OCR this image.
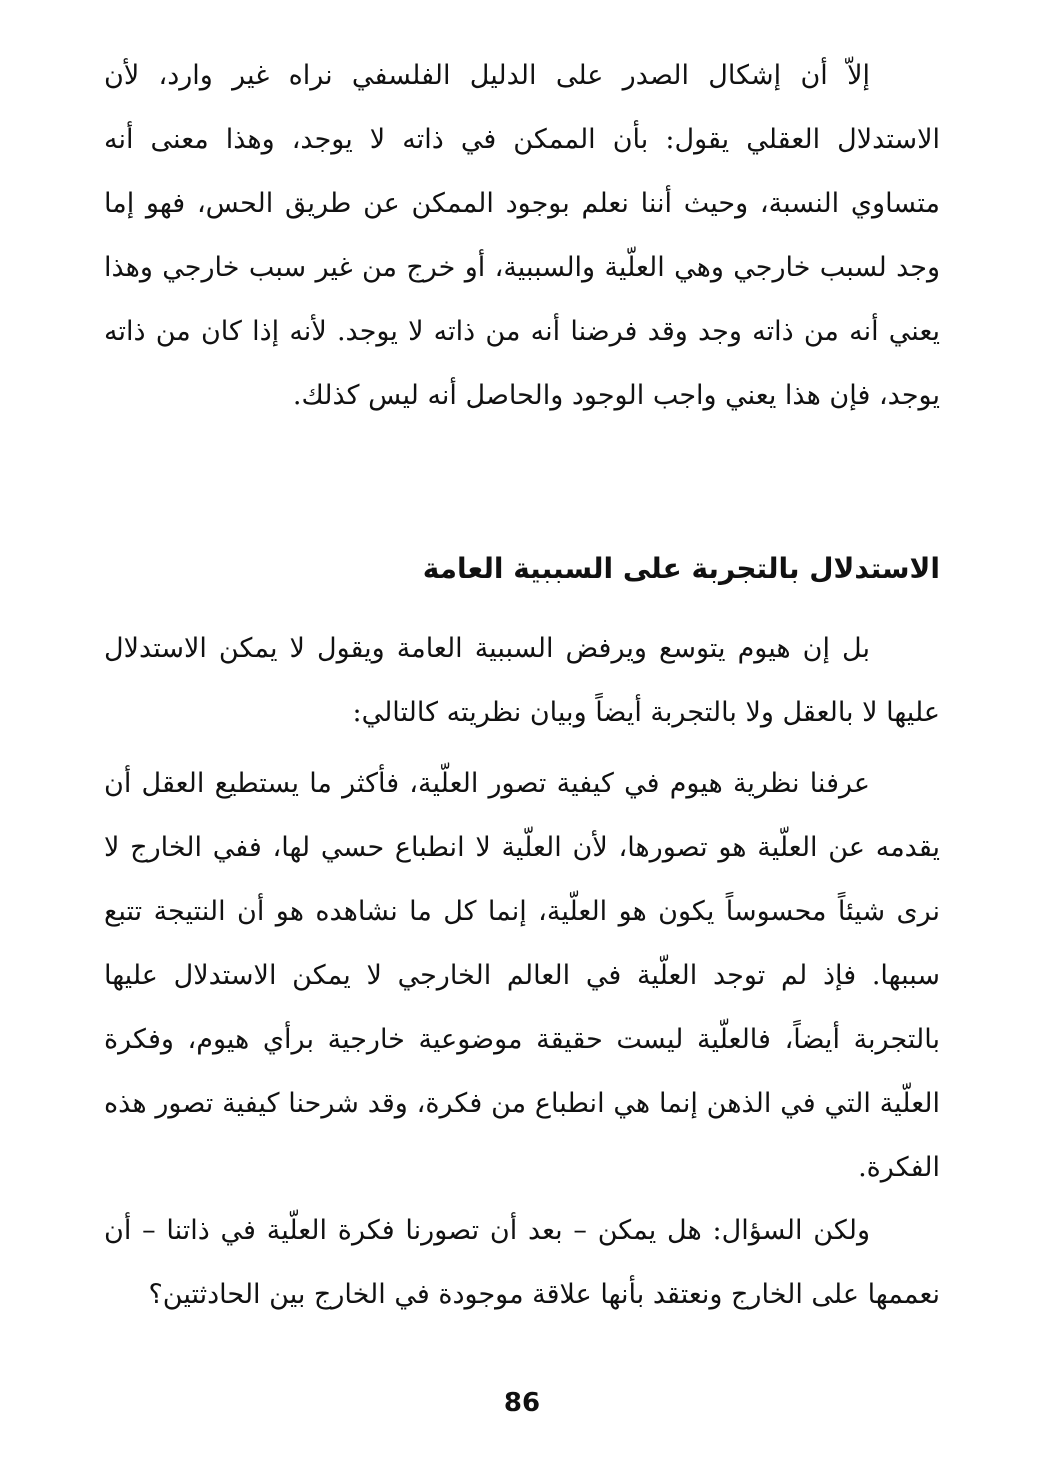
إلاّ أن إشكال الصدر على الدليل الفلسفي نراه غير وارد، لأن الاستدلال العقلي يقول: بأن الممكن في ذاته لا يوجد، وهذا معنى أنه متساوي النسبة، وحيث أننا نعلم بوجود الممكن عن طريق الحس، فهو إما وجد لسبب خارجي وهي العلّية والسببية، أو خرج من غير سبب خارجي وهذا يعني أنه من ذاته وجد وقد فرضنا أنه من ذاته لا يوجد. لأنه إذا كان من ذاته يوجد، فإن هذا يعني واجب الوجود والحاصل أنه ليس كذلك.

الاستدلال بالتجربة على السببية العامة

بل إن هيوم يتوسع ويرفض السببية العامة ويقول لا يمكن الاستدلال عليها لا بالعقل ولا بالتجربة أيضاً وبيان نظريته كالتالي:

عرفنا نظرية هيوم في كيفية تصور العلّية، فأكثر ما يستطيع العقل أن يقدمه عن العلّية هو تصورها، لأن العلّية لا انطباع حسي لها، ففي الخارج لا نرى شيئاً محسوساً يكون هو العلّية، إنما كل ما نشاهده هو أن النتيجة تتبع سببها. فإذ لم توجد العلّية في العالم الخارجي لا يمكن الاستدلال عليها بالتجربة أيضاً، فالعلّية ليست حقيقة موضوعية خارجية برأي هيوم، وفكرة العلّية التي في الذهن إنما هي انطباع من فكرة، وقد شرحنا كيفية تصور هذه الفكرة.

ولكن السؤال: هل يمكن – بعد أن تصورنا فكرة العلّية في ذاتنا – أن نعممها على الخارج ونعتقد بأنها علاقة موجودة في الخارج بين الحادثتين؟

86
